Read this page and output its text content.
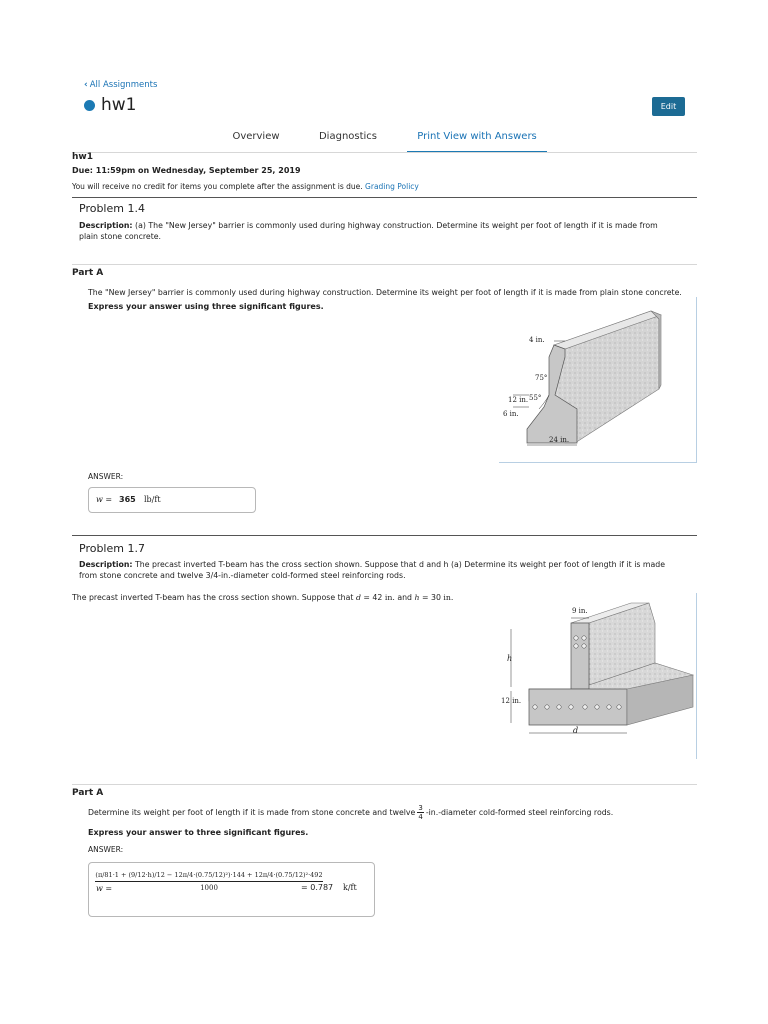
‹ All Assignments
hw1	Edit
Overview	Diagnostics	Print View with Answers
hw1
Due: 11:59pm on Wednesday, September 25, 2019
You will receive no credit for items you complete after the assignment is due. Grading Policy
Problem 1.4
Description: (a) The "New Jersey" barrier is commonly used during highway construction. Determine its weight per foot of length if it is made from
plain stone concrete.
Part A
The "New Jersey" barrier is commonly used during highway construction. Determine its weight per foot of length if it is made from plain stone concrete.
Express your answer using three significant figures.
4 in.
75°
12 in. 55°
6 in.
24 in.
ANSWER:
w = 365 lb/ft
Problem 1.7
Description: The precast inverted T-beam has the cross section shown. Suppose that d and h (a) Determine its weight per foot of length if it is made
from stone concrete and twelve 3/4-in.-diameter cold-formed steel reinforcing rods.
The precast inverted T-beam has the cross section shown. Suppose that d = 42 in. and h = 30 in.
9 in.
h
12 in.
d
Part A
Determine its weight per foot of length if it is made from stone concrete and twelve 3
4 -in.-diameter cold-formed steel reinforcing rods.
Express your answer to three significant figures.
ANSWER:
w =
(π/81·1 + (9/12·h)/12 − 12π/4·(0.75/12)²)·144 + 12π/4·(0.75/12)²·492
1000	= 0.787 k/ft
